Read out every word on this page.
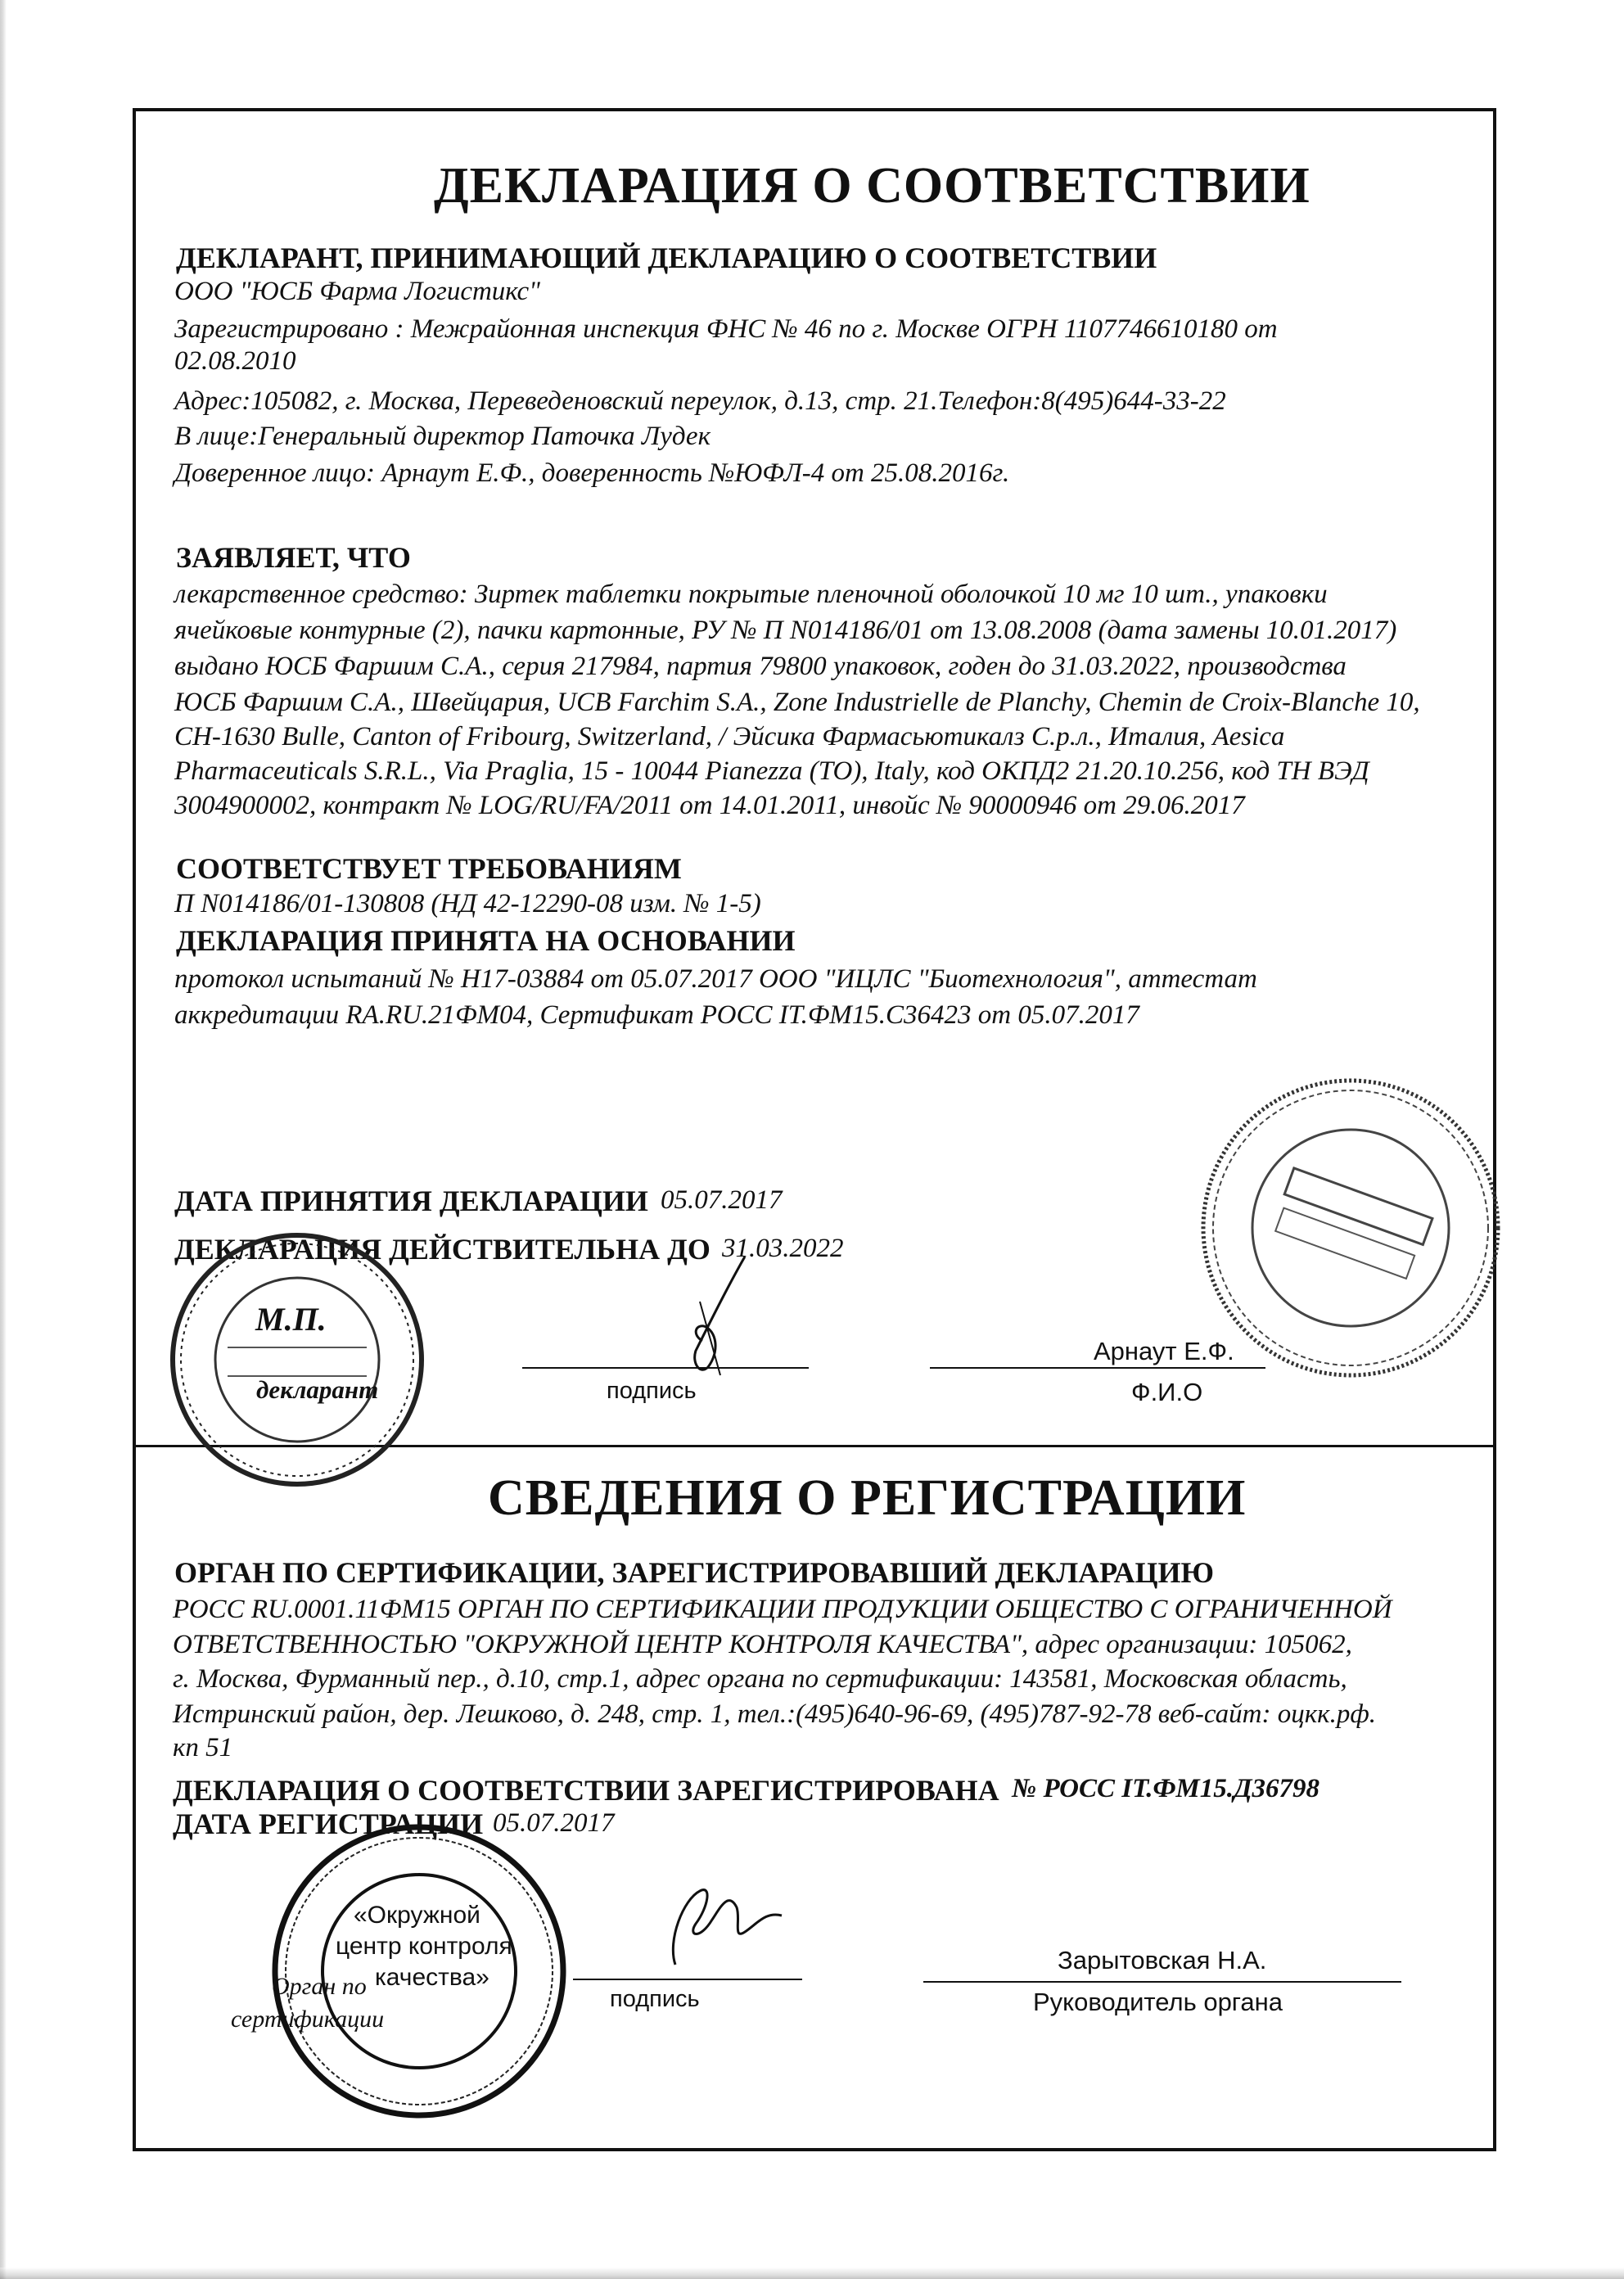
ДЕКЛАРАЦИЯ О СООТВЕТСТВИИ
ДЕКЛАРАНТ, ПРИНИМАЮЩИЙ ДЕКЛАРАЦИЮ О СООТВЕТСТВИИ
ООО "ЮСБ Фарма Логистикс"
Зарегистрировано : Межрайонная инспекция ФНС № 46 по г. Москве ОГРН 1107746610180 от
02.08.2010
Адрес:105082, г. Москва, Переведеновский переулок, д.13, стр. 21.Телефон:8(495)644-33-22
В лице:Генеральный директор Паточка Лудек
Доверенное лицо: Арнаут Е.Ф., доверенность №ЮФЛ-4 от 25.08.2016г.
ЗАЯВЛЯЕТ, ЧТО
лекарственное средство: Зиртек таблетки покрытые пленочной оболочкой 10 мг 10 шт., упаковки
ячейковые контурные (2), пачки картонные, РУ № П N014186/01 от 13.08.2008 (дата замены 10.01.2017)
выдано ЮСБ Фаршим С.А., серия 217984, партия 79800 упаковок, годен до 31.03.2022, производства
ЮСБ Фаршим С.А., Швейцария, UCB Farchim S.A., Zone Industrielle de Planchy, Chemin de Croix-Blanche 10,
CH-1630 Bulle, Canton of Fribourg, Switzerland, / Эйсика Фармасьютикалз С.р.л., Италия, Aesica
Pharmaceuticals S.R.L., Via Praglia, 15 - 10044 Pianezza (TO), Italy, код ОКПД2 21.20.10.256, код ТН ВЭД
3004900002, контракт № LOG/RU/FA/2011 от 14.01.2011, инвойс № 90000946 от 29.06.2017
СООТВЕТСТВУЕТ ТРЕБОВАНИЯМ
П N014186/01-130808 (НД 42-12290-08 изм. № 1-5)
ДЕКЛАРАЦИЯ ПРИНЯТА НА ОСНОВАНИИ
протокол испытаний № Н17-03884 от 05.07.2017 ООО "ИЦЛС "Биотехнология", аттестат
аккредитации RA.RU.21ФМ04, Сертификат РОСС IT.ФМ15.С36423 от 05.07.2017
ДАТА ПРИНЯТИЯ ДЕКЛАРАЦИИ 05.07.2017
ДЕКЛАРАЦИЯ ДЕЙСТВИТЕЛЬНА ДО 31.03.2022
М.П.
декларант	подпись
Арнаут Е.Ф.
Ф.И.О
СВЕДЕНИЯ О РЕГИСТРАЦИИ
ОРГАН ПО СЕРТИФИКАЦИИ, ЗАРЕГИСТРИРОВАВШИЙ ДЕКЛАРАЦИЮ
РОСС RU.0001.11ФМ15 ОРГАН ПО СЕРТИФИКАЦИИ ПРОДУКЦИИ ОБЩЕСТВО С ОГРАНИЧЕННОЙ
ОТВЕТСТВЕННОСТЬЮ "ОКРУЖНОЙ ЦЕНТР КОНТРОЛЯ КАЧЕСТВА", адрес организации: 105062,
г. Москва, Фурманный пер., д.10, стр.1, адрес органа по сертификации: 143581, Московская область,
Истринский район, дер. Лешково, д. 248, стр. 1, тел.:(495)640-96-69, (495)787-92-78 веб-сайт: оцкк.рф.
кп 51
ДЕКЛАРАЦИЯ О СООТВЕТСТВИИ ЗАРЕГИСТРИРОВАНА № РОСС IT.ФМ15.Д36798
ДАТА РЕГИСТРАЦИИ 05.07.2017
«Окружной
центр контроля
качества»
Орган по
сертификации
подпись
Зарытовская Н.А.
Руководитель органа
